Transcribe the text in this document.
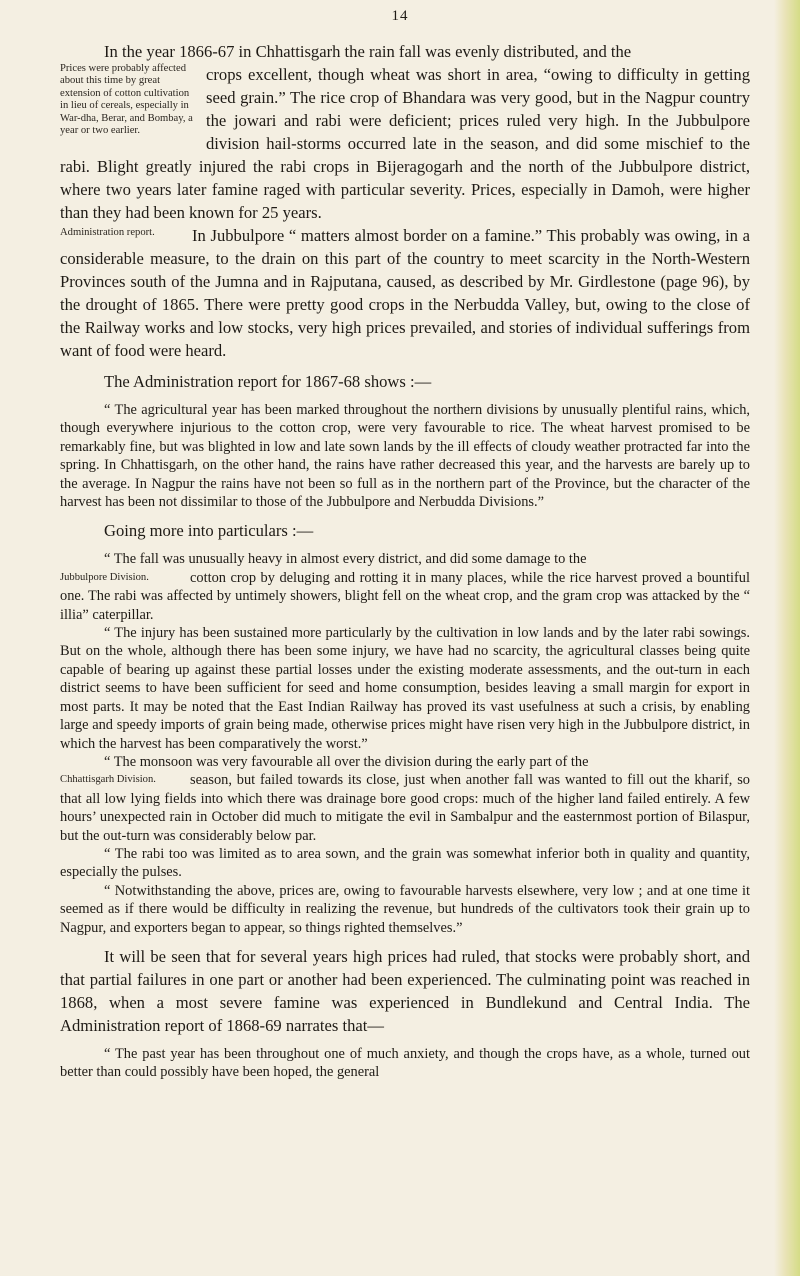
14

In the year 1866-67 in Chhattisgarh the rain fall was evenly distributed, and the

Prices were probably affected about this time by great extension of cotton cultivation in lieu of cereals, especially in War-dha, Berar, and Bombay, a year or two earlier.

crops excellent, though wheat was short in area, “owing to difficulty in getting seed grain.” The rice crop of Bhandara was very good, but in the Nagpur country the jowari and rabi were deficient; prices ruled very high. In the Jubbulpore division hail-storms occurred late in the season, and did some mischief to the rabi. Blight greatly injured the rabi crops in Bijeragogarh and the north of the Jubbulpore district, where two years later famine raged with particular severity. Prices, especially in Damoh, were higher than they had been known for 25 years.

Administration report.	In Jubbulpore “ matters almost border on a famine.” This probably was owing, in a considerable measure, to the drain on this part of the country to meet scarcity in the North-Western Provinces south of the Jumna and in Rajputana, caused, as described by Mr. Girdlestone (page 96), by the drought of 1865. There were pretty good crops in the Nerbudda Valley, but, owing to the close of the Railway works and low stocks, very high prices prevailed, and stories of individual sufferings from want of food were heard.

The Administration report for 1867-68 shows :—

“ The agricultural year has been marked throughout the northern divisions by unusually plentiful rains, which, though everywhere injurious to the cotton crop, were very favourable to rice. The wheat harvest promised to be remarkably fine, but was blighted in low and late sown lands by the ill effects of cloudy weather protracted far into the spring. In Chhattisgarh, on the other hand, the rains have rather decreased this year, and the harvests are barely up to the average. In Nagpur the rains have not been so full as in the northern part of the Province, but the character of the harvest has been not dissimilar to those of the Jubbulpore and Nerbudda Divisions.”

Going more into particulars :—

“ The fall was unusually heavy in almost every district, and did some damage to the

Jubbulpore Division.	cotton crop by deluging and rotting it in many places, while the rice harvest proved a bountiful one. The rabi was affected by untimely showers, blight fell on the wheat crop, and the gram crop was attacked by the “ illia” caterpillar.

“ The injury has been sustained more particularly by the cultivation in low lands and by the later rabi sowings. But on the whole, although there has been some injury, we have had no scarcity, the agricultural classes being quite capable of bearing up against these partial losses under the existing moderate assessments, and the out-turn in each district seems to have been sufficient for seed and home consumption, besides leaving a small margin for export in most parts. It may be noted that the East Indian Railway has proved its vast usefulness at such a crisis, by enabling large and speedy imports of grain being made, otherwise prices might have risen very high in the Jubbulpore district, in which the harvest has been comparatively the worst.”

“ The monsoon was very favourable all over the division during the early part of the

Chhattisgarh Division.	season, but failed towards its close, just when another fall was wanted to fill out the kharif, so that all low lying fields into which there was drainage bore good crops: much of the higher land failed entirely. A few hours’ unexpected rain in October did much to mitigate the evil in Sambalpur and the easternmost portion of Bilaspur, but the out-turn was considerably below par.

“ The rabi too was limited as to area sown, and the grain was somewhat inferior both in quality and quantity, especially the pulses.

“ Notwithstanding the above, prices are, owing to favourable harvests elsewhere, very low ; and at one time it seemed as if there would be difficulty in realizing the revenue, but hundreds of the cultivators took their grain up to Nagpur, and exporters began to appear, so things righted themselves.”

It will be seen that for several years high prices had ruled, that stocks were probably short, and that partial failures in one part or another had been experienced. The culminating point was reached in 1868, when a most severe famine was experienced in Bundlekund and Central India. The Administration report of 1868-69 narrates that—

“ The past year has been throughout one of much anxiety, and though the crops have, as a whole, turned out better than could possibly have been hoped, the general
